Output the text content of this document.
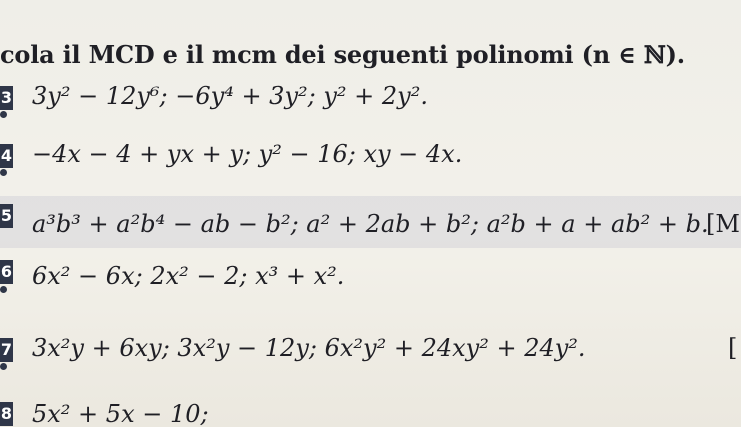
cola il MCD e il mcm dei seguenti polinomi (n ∈ ℕ).
3 3y² − 12y⁶; −6y⁴ + 3y²; y² + 2y².
4 −4x − 4 + yx + y; y² − 16; xy − 4x.
5 a³b³ + a²b⁴ − ab − b²; a² + 2ab + b²; a²b + a + ab² + b.
[M
6 6x² − 6x; 2x² − 2; x³ + x².
7 3x²y + 6xy; 3x²y − 12y; 6x²y² + 24xy² + 24y².	[
8 5x² + 5x − 10;
